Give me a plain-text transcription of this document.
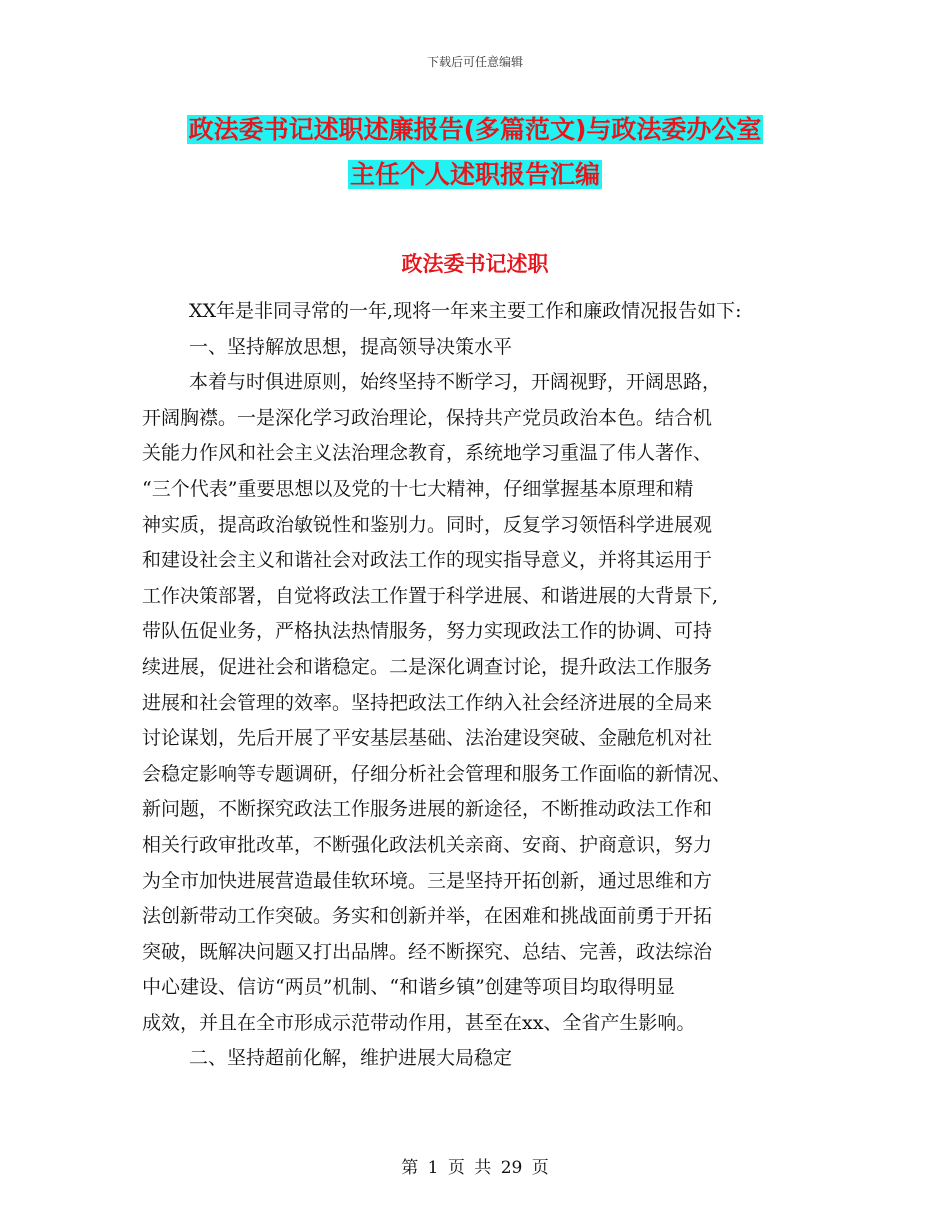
下载后可任意编辑
政法委书记述职述廉报告(多篇范文)与政法委办公室
主任个人述职报告汇编
政法委书记述职
XX年是非同寻常的一年,现将一年来主要工作和廉政情况报告如下:
一、坚持解放思想，提高领导决策水平
本着与时俱进原则，始终坚持不断学习，开阔视野，开阔思路，
开阔胸襟。一是深化学习政治理论，保持共产党员政治本色。结合机
关能力作风和社会主义法治理念教育，系统地学习重温了伟人著作、
“三个代表”重要思想以及党的十七大精神，仔细掌握基本原理和精
神实质，提高政治敏锐性和鉴别力。同时，反复学习领悟科学进展观
和建设社会主义和谐社会对政法工作的现实指导意义，并将其运用于
工作决策部署，自觉将政法工作置于科学进展、和谐进展的大背景下,
带队伍促业务，严格执法热情服务，努力实现政法工作的协调、可持
续进展，促进社会和谐稳定。二是深化调查讨论，提升政法工作服务
进展和社会管理的效率。坚持把政法工作纳入社会经济进展的全局来
讨论谋划，先后开展了平安基层基础、法治建设突破、金融危机对社
会稳定影响等专题调研，仔细分析社会管理和服务工作面临的新情况、
新问题，不断探究政法工作服务进展的新途径，不断推动政法工作和
相关行政审批改革，不断强化政法机关亲商、安商、护商意识，努力
为全市加快进展营造最佳软环境。三是坚持开拓创新，通过思维和方
法创新带动工作突破。务实和创新并举，在困难和挑战面前勇于开拓
突破，既解决问题又打出品牌。经不断探究、总结、完善，政法综治
中心建设、信访“两员”机制、“和谐乡镇”创建等项目均取得明显
成效，并且在全市形成示范带动作用，甚至在xx、全省产生影响。
二、坚持超前化解，维护进展大局稳定
第 1 页 共 29 页
